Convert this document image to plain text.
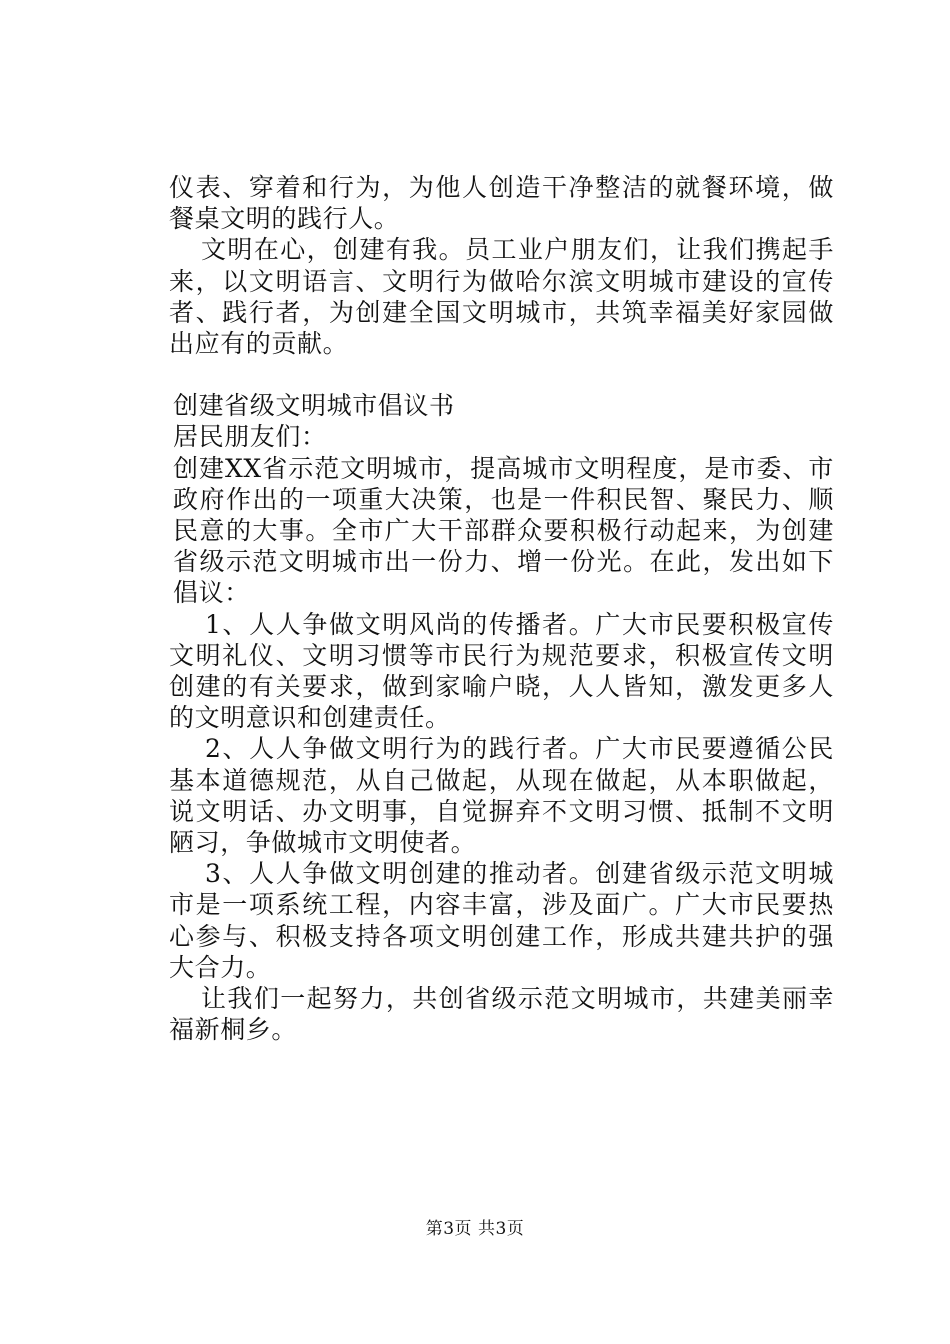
仪表、穿着和行为，为他人创造干净整洁的就餐环境，做餐桌文明的践行人。

文明在心，创建有我。员工业户朋友们，让我们携起手来，以文明语言、文明行为做哈尔滨文明城市建设的宣传者、践行者，为创建全国文明城市，共筑幸福美好家园做出应有的贡献。

创建省级文明城市倡议书

居民朋友们：

创建XX省示范文明城市，提高城市文明程度，是市委、市政府作出的一项重大决策，也是一件积民智、聚民力、顺民意的大事。全市广大干部群众要积极行动起来，为创建省级示范文明城市出一份力、增一份光。在此，发出如下倡议：

1、人人争做文明风尚的传播者。广大市民要积极宣传文明礼仪、文明习惯等市民行为规范要求，积极宣传文明创建的有关要求，做到家喻户晓，人人皆知，激发更多人的文明意识和创建责任。

2、人人争做文明行为的践行者。广大市民要遵循公民基本道德规范，从自己做起，从现在做起，从本职做起，说文明话、办文明事，自觉摒弃不文明习惯、抵制不文明陋习，争做城市文明使者。

3、人人争做文明创建的推动者。创建省级示范文明城市是一项系统工程，内容丰富，涉及面广。广大市民要热心参与、积极支持各项文明创建工作，形成共建共护的强大合力。

让我们一起努力，共创省级示范文明城市，共建美丽幸福新桐乡。

第3页 共3页
